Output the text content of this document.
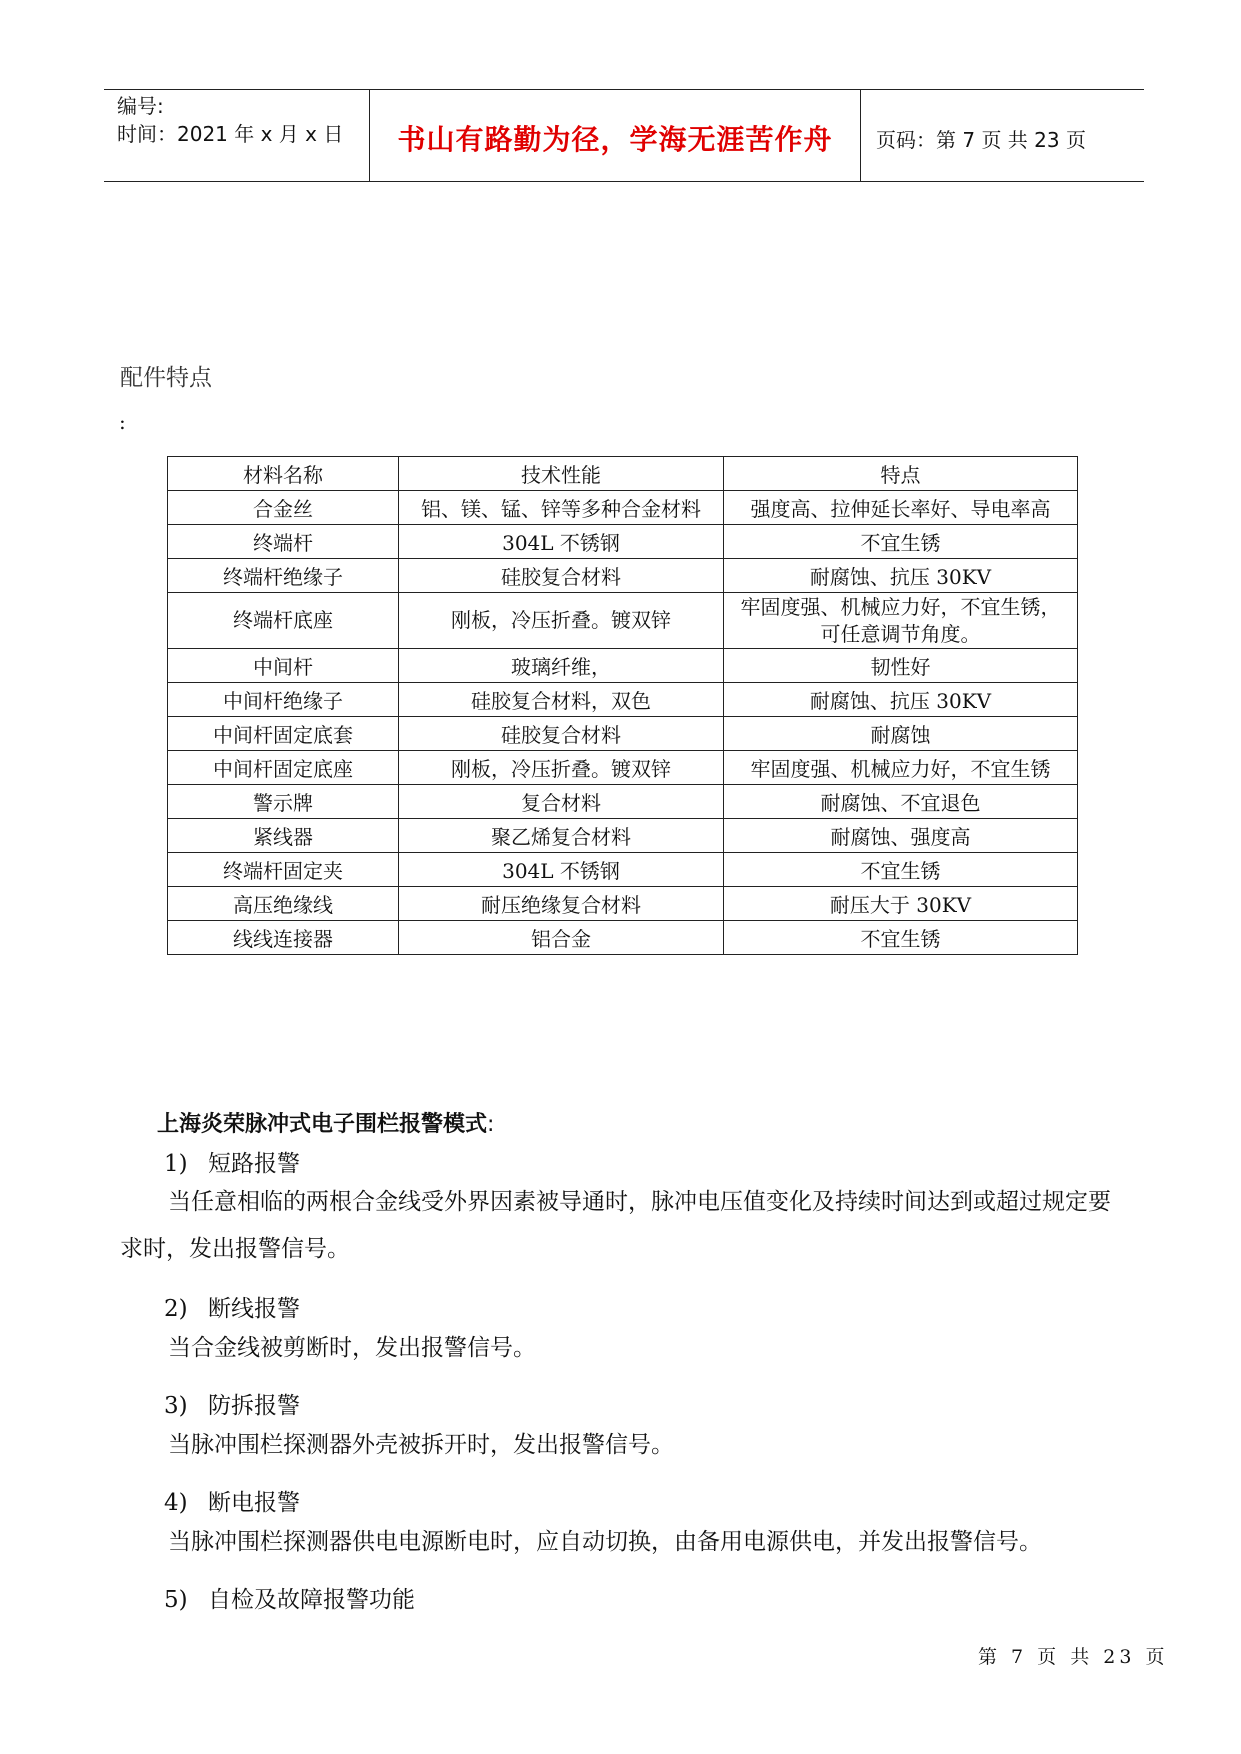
编号:
时间：2021 年 x 月 x 日	书山有路勤为径，学海无涯苦作舟	页码：第 7 页 共 23 页
配件特点
:
材料名称	技术性能	特点
合金丝	铝、镁、锰、锌等多种合金材料	强度高、拉伸延长率好、导电率高
终端杆	304L 不锈钢	不宜生锈
终端杆绝缘子	硅胶复合材料	耐腐蚀、抗压 30KV
终端杆底座	刚板，冷压折叠。镀双锌	牢固度强、机械应力好，不宜生锈，可任意调节角度。
中间杆	玻璃纤维，	韧性好
中间杆绝缘子	硅胶复合材料，双色	耐腐蚀、抗压 30KV
中间杆固定底套	硅胶复合材料	耐腐蚀
中间杆固定底座	刚板，冷压折叠。镀双锌	牢固度强、机械应力好，不宜生锈
警示牌	复合材料	耐腐蚀、不宜退色
紧线器	聚乙烯复合材料	耐腐蚀、强度高
终端杆固定夹	304L 不锈钢	不宜生锈
高压绝缘线	耐压绝缘复合材料	耐压大于 30KV
线线连接器	铝合金	不宜生锈
上海炎荣脉冲式电子围栏报警模式:
1) 短路报警
当任意相临的两根合金线受外界因素被导通时，脉冲电压值变化及持续时间达到或超过规定要求时，发出报警信号。
2) 断线报警
当合金线被剪断时，发出报警信号。
3) 防拆报警
当脉冲围栏探测器外壳被拆开时，发出报警信号。
4) 断电报警
当脉冲围栏探测器供电电源断电时，应自动切换，由备用电源供电，并发出报警信号。
5) 自检及故障报警功能
第 7 页 共 23 页
